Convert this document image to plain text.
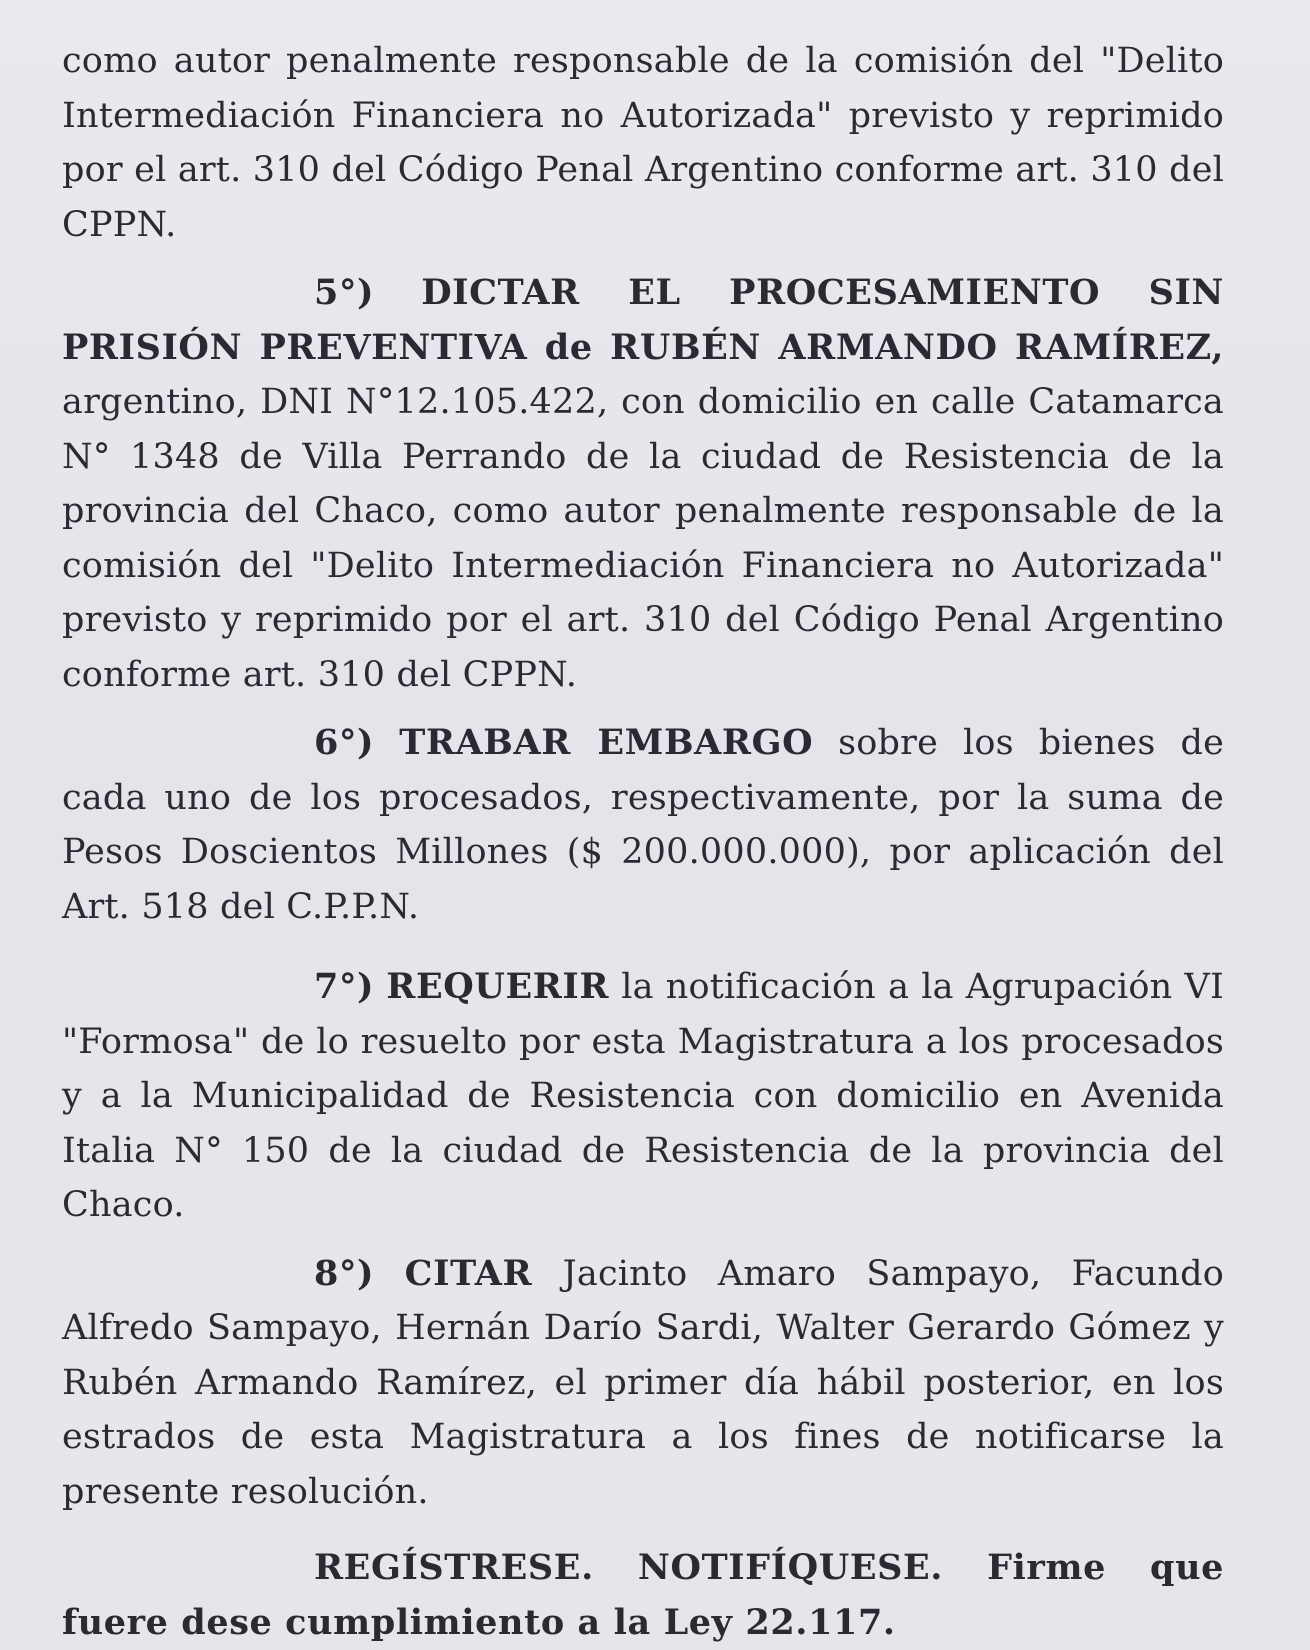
como autor penalmente responsable de la comisión del "Delito Intermediación Financiera no Autorizada" previsto y reprimido por el art. 310 del Código Penal Argentino conforme art. 310 del CPPN.

5°) DICTAR EL PROCESAMIENTO SIN PRISIÓN PREVENTIVA de RUBÉN ARMANDO RAMÍREZ, argentino, DNI N°12.105.422, con domicilio en calle Catamarca N° 1348 de Villa Perrando de la ciudad de Resistencia de la provincia del Chaco, como autor penalmente responsable de la comisión del "Delito Intermediación Financiera no Autorizada" previsto y reprimido por el art. 310 del Código Penal Argentino conforme art. 310 del CPPN.

6°) TRABAR EMBARGO sobre los bienes de cada uno de los procesados, respectivamente, por la suma de Pesos Doscientos Millones ($ 200.000.000), por aplicación del Art. 518 del C.P.P.N.

7°) REQUERIR la notificación a la Agrupación VI "Formosa" de lo resuelto por esta Magistratura a los procesados y a la Municipalidad de Resistencia con domicilio en Avenida Italia N° 150 de la ciudad de Resistencia de la provincia del Chaco.

8°) CITAR Jacinto Amaro Sampayo, Facundo Alfredo Sampayo, Hernán Darío Sardi, Walter Gerardo Gómez y Rubén Armando Ramírez, el primer día hábil posterior, en los estrados de esta Magistratura a los fines de notificarse la presente resolución.

REGÍSTRESE. NOTIFÍQUESE. Firme que fuere dese cumplimiento a la Ley 22.117.
